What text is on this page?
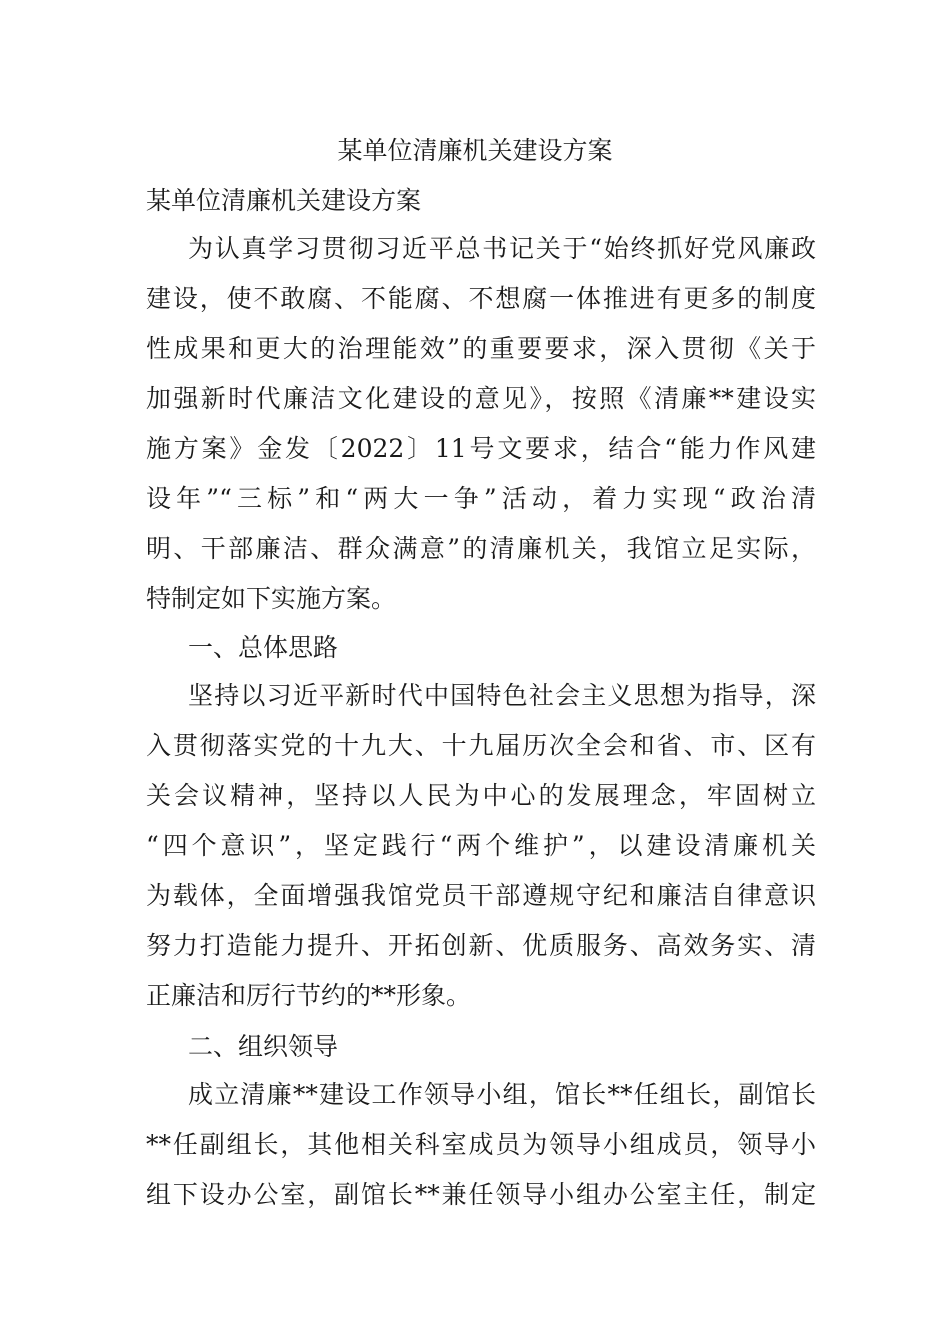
某单位清廉机关建设方案
某单位清廉机关建设方案
为认真学习贯彻习近平总书记关于“始终抓好党风廉政
建设，使不敢腐、不能腐、不想腐一体推进有更多的制度
性成果和更大的治理能效”的重要要求，深入贯彻《关于
加强新时代廉洁文化建设的意见》，按照《清廉**建设实
施方案》金发〔2022〕11号文要求，结合“能力作风建
设年”“三标”和“两大一争”活动，着力实现“政治清
明、干部廉洁、群众满意”的清廉机关，我馆立足实际，
特制定如下实施方案。
一、总体思路
坚持以习近平新时代中国特色社会主义思想为指导，深
入贯彻落实党的十九大、十九届历次全会和省、市、区有
关会议精神，坚持以人民为中心的发展理念，牢固树立
“四个意识”，坚定践行“两个维护”，以建设清廉机关
为载体，全面增强我馆党员干部遵规守纪和廉洁自律意识
努力打造能力提升、开拓创新、优质服务、高效务实、清
正廉洁和厉行节约的**形象。
二、组织领导
成立清廉**建设工作领导小组，馆长**任组长，副馆长
**任副组长，其他相关科室成员为领导小组成员，领导小
组下设办公室，副馆长**兼任领导小组办公室主任，制定
